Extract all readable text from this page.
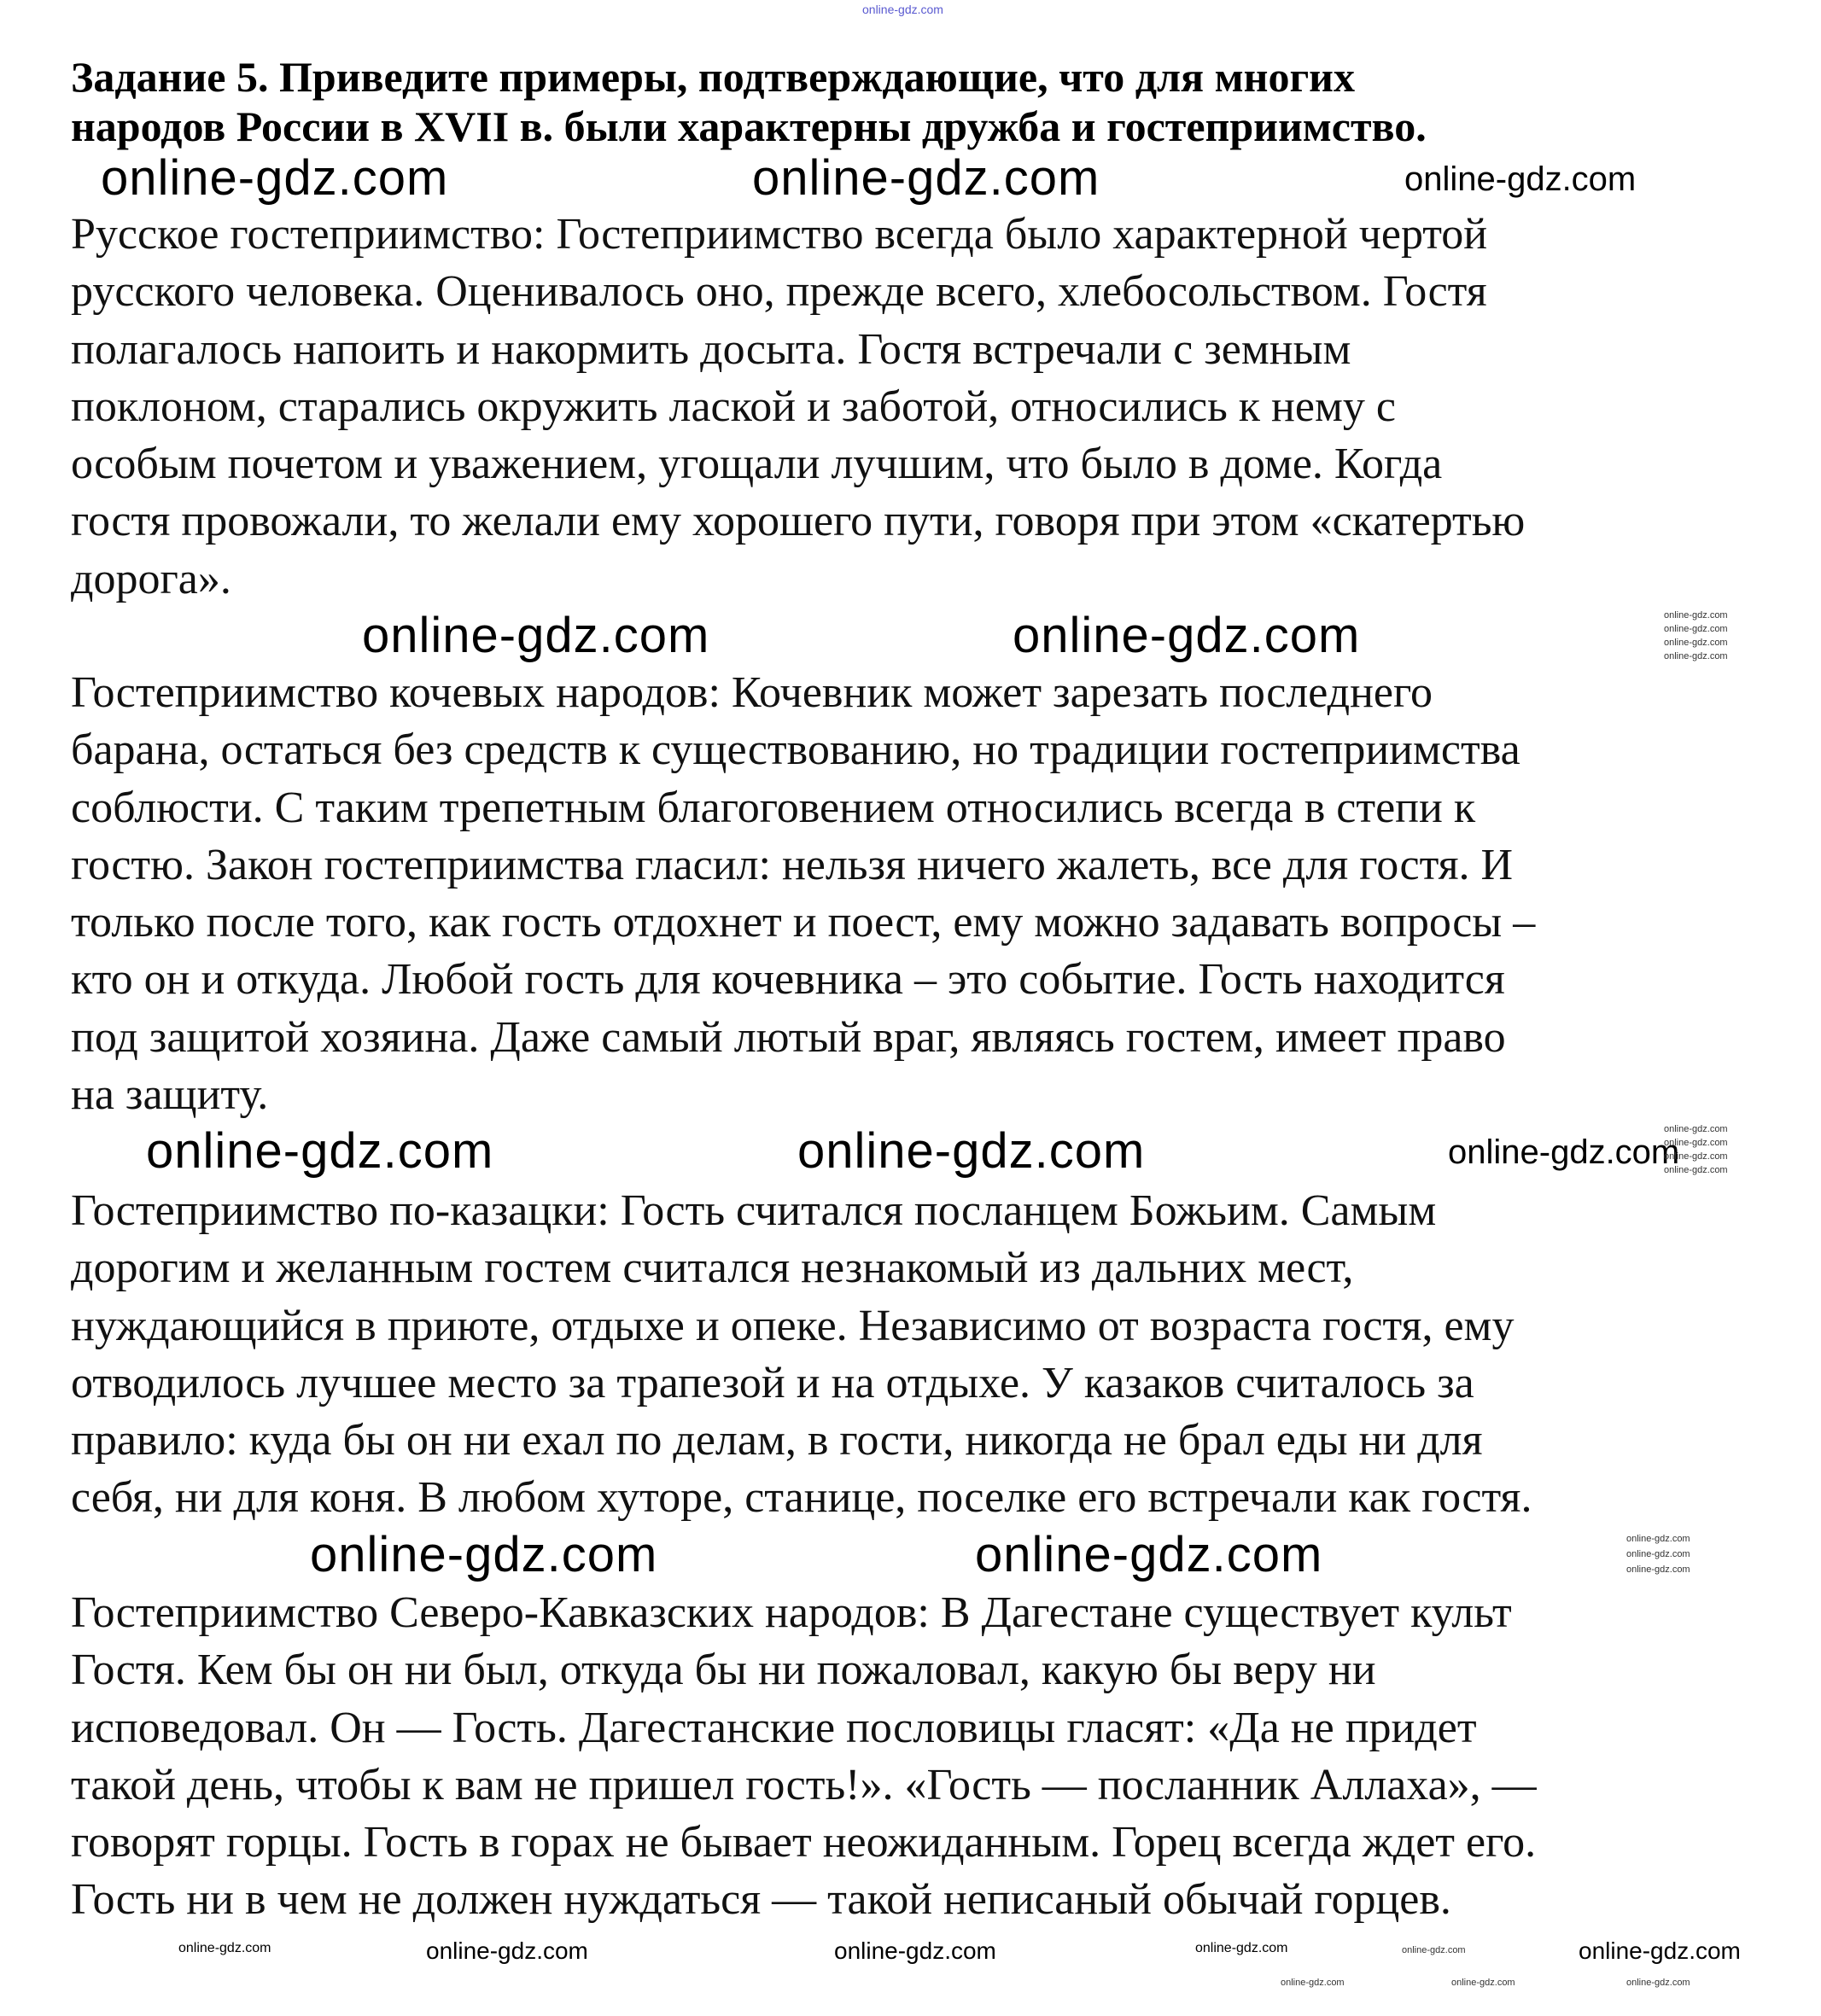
Задание 5. Приведите примеры, подтверждающие, что для многих
народов России в XVII в. были характерны дружба и гостеприимство.
Русское гостеприимство: Гостеприимство всегда было характерной чертой
русского человека. Оценивалось оно, прежде всего, хлебосольством. Гостя
полагалось напоить и накормить досыта. Гостя встречали с земным
поклоном, старались окружить лаской и заботой, относились к нему с
особым почетом и уважением, угощали лучшим, что было в доме. Когда
гостя провожали, то желали ему хорошего пути, говоря при этом «скатертью
дорога».
Гостеприимство кочевых народов: Кочевник может зарезать последнего
барана, остаться без средств к существованию, но традиции гостеприимства
соблюсти. С таким трепетным благоговением относились всегда в степи к
гостю. Закон гостеприимства гласил: нельзя ничего жалеть, все для гостя. И
только после того, как гость отдохнет и поест, ему можно задавать вопросы –
кто он и откуда. Любой гость для кочевника – это событие. Гость находится
под защитой хозяина. Даже самый лютый враг, являясь гостем, имеет право
на защиту.
Гостеприимство по-казацки: Гость считался посланцем Божьим. Самым
дорогим и желанным гостем считался незнакомый из дальних мест,
нуждающийся в приюте, отдыхе и опеке. Независимо от возраста гостя, ему
отводилось лучшее место за трапезой и на отдыхе. У казаков считалось за
правило: куда бы он ни ехал по делам, в гости, никогда не брал еды ни для
себя, ни для коня. В любом хуторе, станице, поселке его встречали как гостя.
Гостеприимство Северо-Кавказских народов: В Дагестане существует культ
Гостя. Кем бы он ни был, откуда бы ни пожаловал, какую бы веру ни
исповедовал. Он — Гость. Дагестанские пословицы гласят: «Да не придет
такой день, чтобы к вам не пришел гость!». «Гость — посланник Аллаха», —
говорят горцы. Гость в горах не бывает неожиданным. Горец всегда ждет его.
Гость ни в чем не должен нуждаться — такой неписаный обычай горцев.
online-gdz.com
online-gdz.com	online-gdz.com	online-gdz.com
online-gdz.com	online-gdz.com	online-gdz.com
online-gdz.com
online-gdz.com
online-gdz.com
online-gdz.com	online-gdz.com
online-gdz.com	online-gdz.com
online-gdz.com
online-gdz.com
online-gdz.com
online-gdz.com	online-gdz.com	online-gdz.com
online-gdz.com
online-gdz.com
online-gdz.com	online-gdz.com	online-gdz.com	online-gdz.com	online-gdz.com	online-gdz.com
online-gdz.com
online-gdz.com
online-gdz.com
